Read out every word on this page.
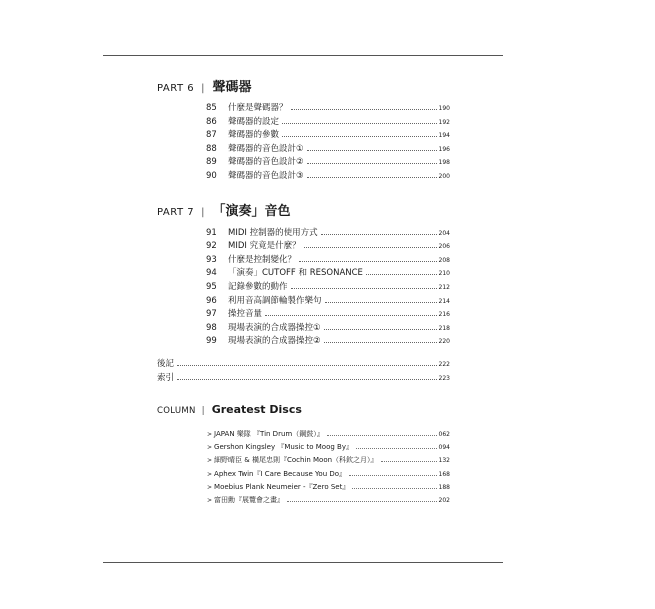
PART 6 | 聲碼器
85	什麼是聲碼器？	190
86	聲碼器的設定	192
87	聲碼器的參數	194
88	聲碼器的音色設計①	196
89	聲碼器的音色設計②	198
90	聲碼器的音色設計③	200
PART 7 | 「演奏」音色
91	MIDI 控制器的使用方式	204
92	MIDI 究竟是什麼？	206
93	什麼是控制變化？	208
94	「演奏」CUTOFF 和 RESONANCE	210
95	記錄參數的動作	212
96	利用音高調節輪製作樂句	214
97	操控音量	216
98	現場表演的合成器操控①	218
99	現場表演的合成器操控②	220
後記	222
索引	223
COLUMN | Greatest Discs
> JAPAN 樂隊 『Tin Drum（鋼鼓）』	062
> Gershon Kingsley 『Music to Moog By』	094
> 細野晴臣 & 橫尾忠則『Cochin Moon（科欽之月）』	132
> Aphex Twin『I Care Because You Do』	168
> Moebius Plank Neumeier -『Zero Set』	188
> 富田勳『展覽會之畫』	202
